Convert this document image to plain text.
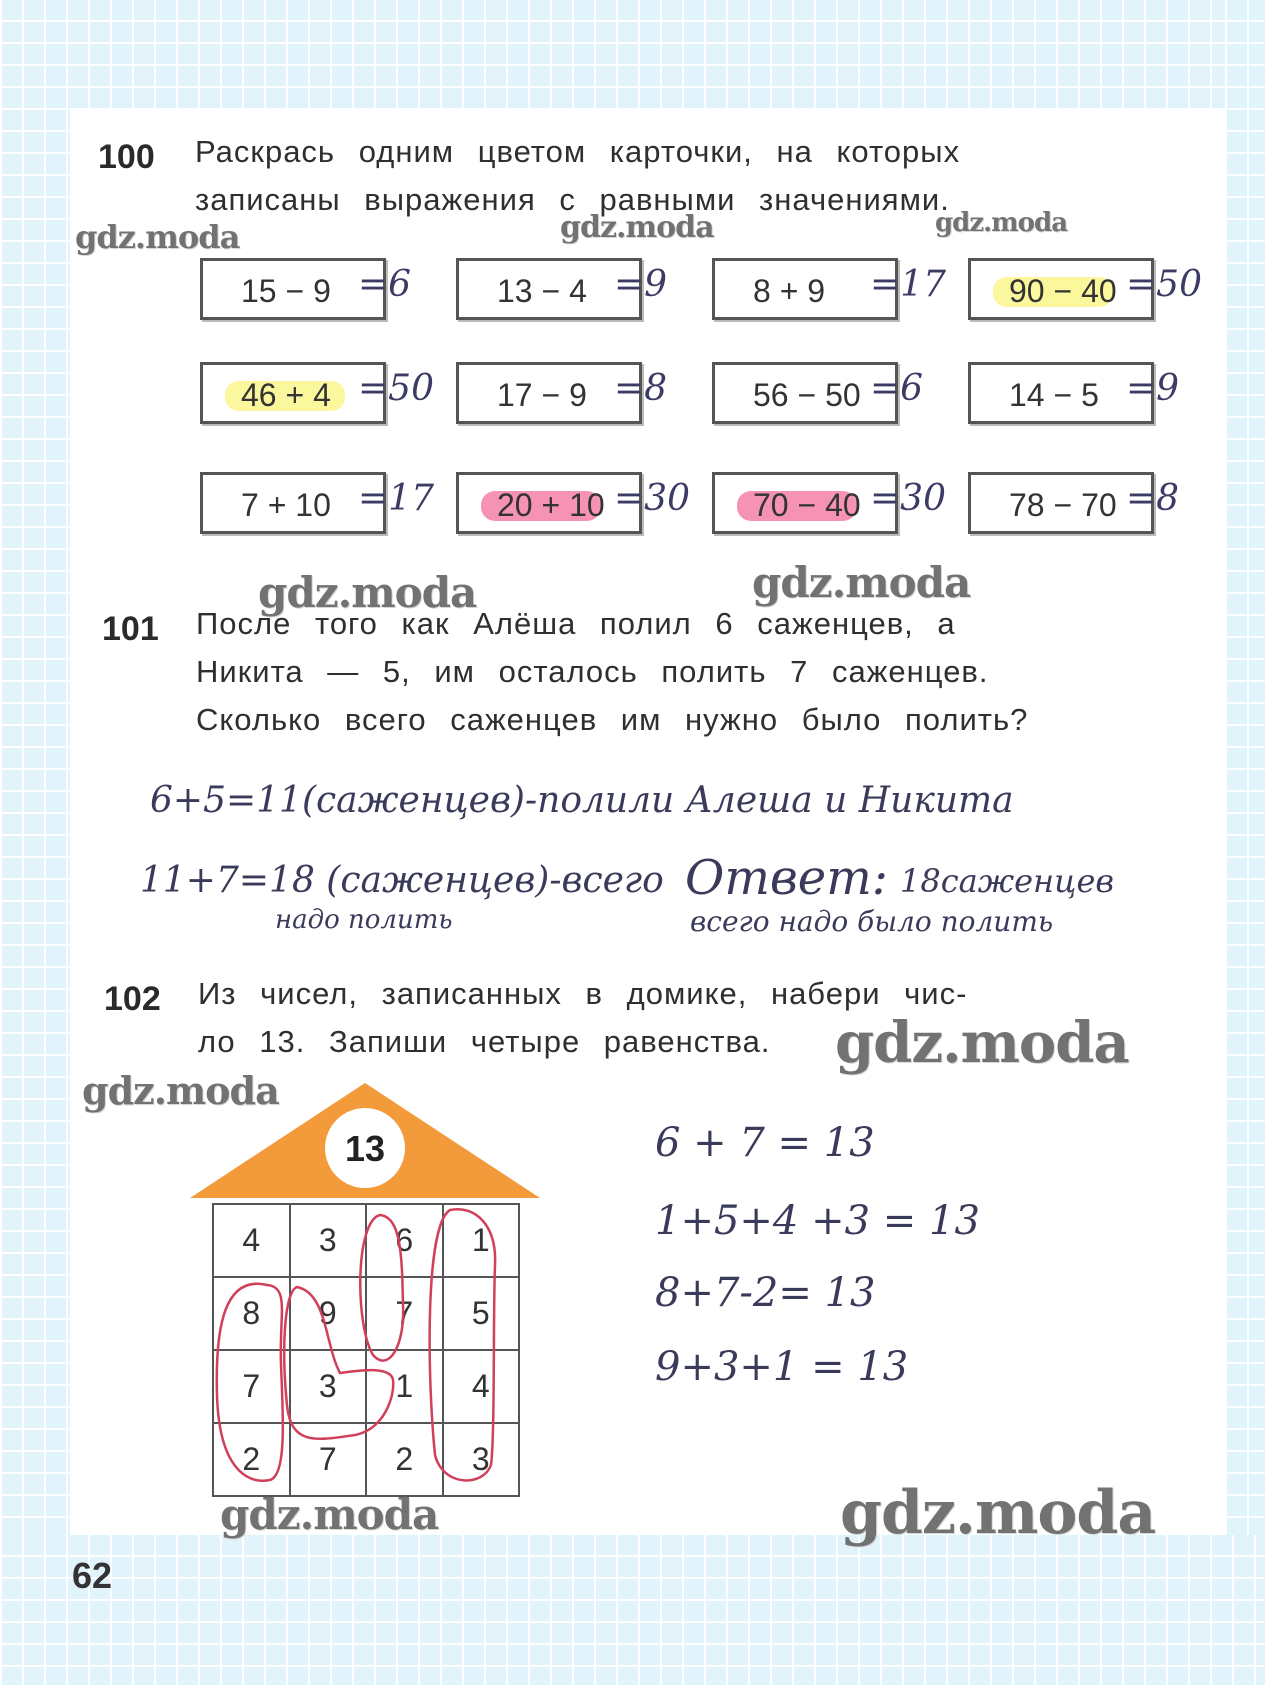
100 Раскрась одним цветом карточки, на которых
записаны выражения с равными значениями.
gdz.moda	gdz.moda	gdz.moda
15 − 9 =6	13 − 4 =9	8 + 9 =17 90 − 40 =50
46 + 4 =50 17 − 9 =8	56 − 50 =6	14 − 5 =9
7 + 10 =17 20 + 10 =30 70 − 40 =30 78 − 70 =8
gdz.moda	gdz.moda
101 После того как Алёша полил 6 саженцев, а
Никита — 5, им осталось полить 7 саженцев.
Сколько всего саженцев им нужно было полить?
6+5=11(саженцев)-полили Алеша и Никита
11+7=18 (саженцев)-всего
надо полить
Ответ: 18саженцев
всего надо было полить
102 Из чисел, записанных в домике, набери чис-
ло 13. Запиши четыре равенства. gdz.moda
gdz.moda
13
4	3	6	1
8	9	7	5
7	3	1	4
2	7	2	3
6 + 7 = 13
1+5+4 +3 = 13
8+7-2= 13
9+3+1 = 13
gdz.moda	gdz.moda
62
